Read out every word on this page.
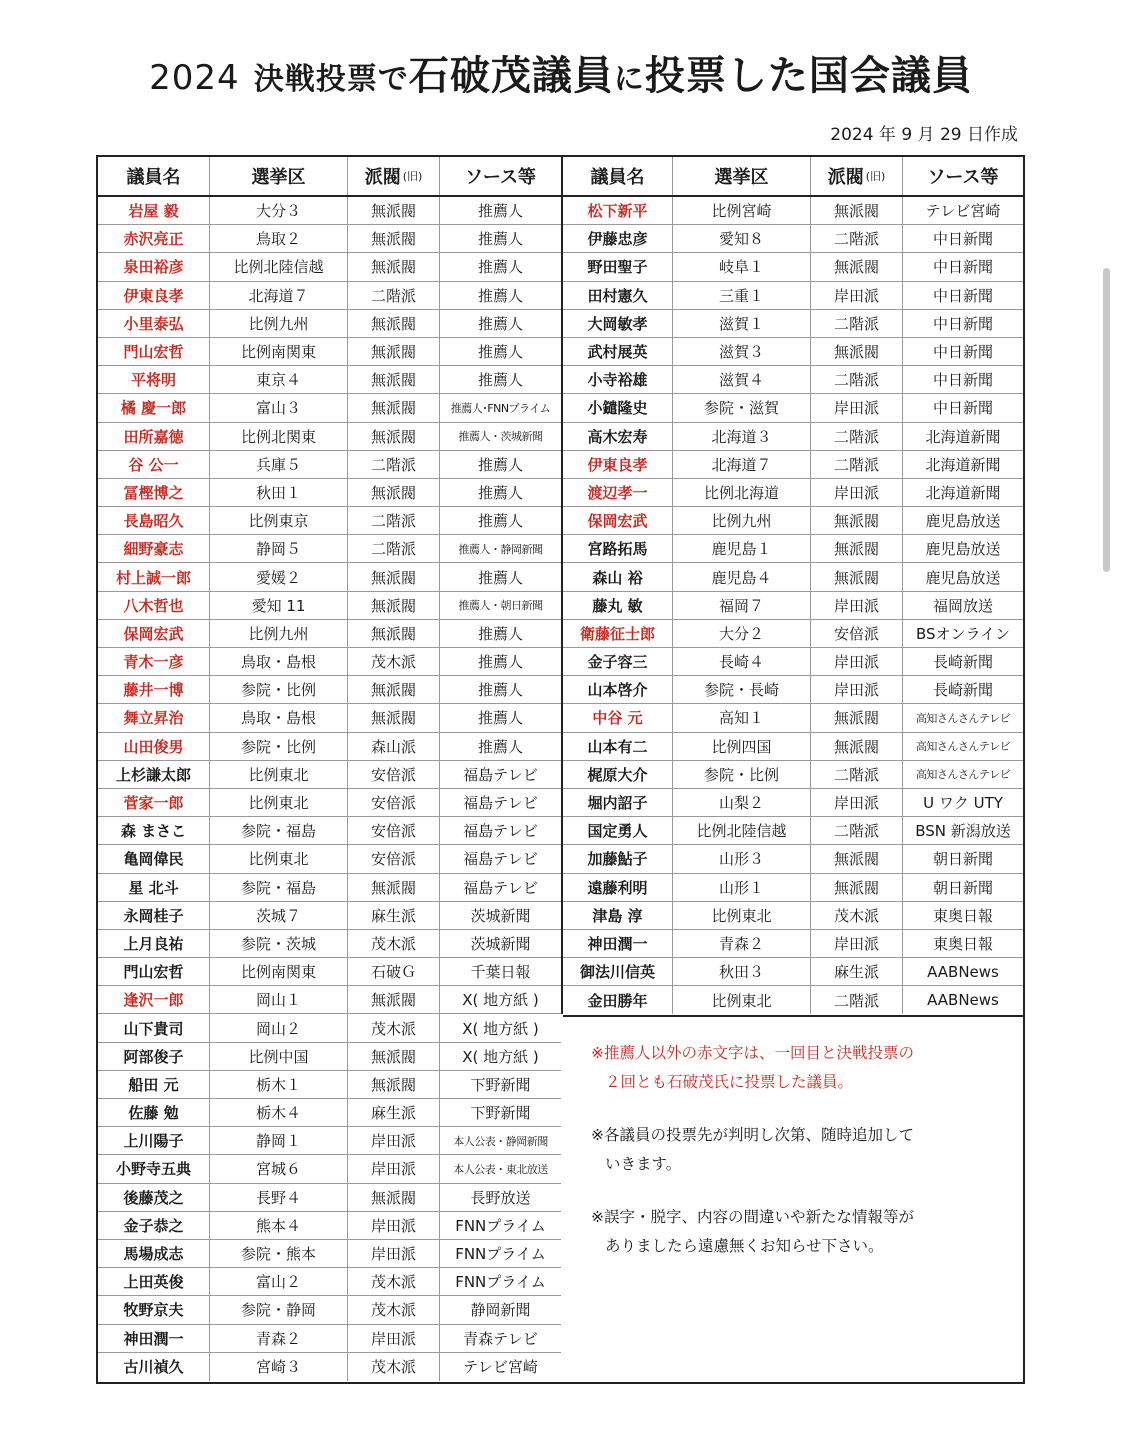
2024 決戦投票で石破茂議員に投票した国会議員
2024 年 9 月 29 日作成
議員名	選挙区	派閥 (旧)	ソース等
岩屋 毅	大分３	無派閥	推薦人
赤沢亮正	鳥取２	無派閥	推薦人
泉田裕彦	比例北陸信越	無派閥	推薦人
伊東良孝	北海道７	二階派	推薦人
小里泰弘	比例九州	無派閥	推薦人
門山宏哲	比例南関東	無派閥	推薦人
平将明	東京４	無派閥	推薦人
橘 慶一郎	富山３	無派閥	推薦人･FNNプライム
田所嘉徳	比例北関東	無派閥	推薦人・茨城新聞
谷 公一	兵庫５	二階派	推薦人
冨樫博之	秋田１	無派閥	推薦人
長島昭久	比例東京	二階派	推薦人
細野豪志	静岡５	二階派	推薦人・静岡新聞
村上誠一郎	愛媛２	無派閥	推薦人
八木哲也	愛知 11	無派閥	推薦人・朝日新聞
保岡宏武	比例九州	無派閥	推薦人
青木一彦	鳥取・島根	茂木派	推薦人
藤井一博	参院・比例	無派閥	推薦人
舞立昇治	鳥取・島根	無派閥	推薦人
山田俊男	参院・比例	森山派	推薦人
上杉謙太郎	比例東北	安倍派	福島テレビ
菅家一郎	比例東北	安倍派	福島テレビ
森 まさこ	参院・福島	安倍派	福島テレビ
亀岡偉民	比例東北	安倍派	福島テレビ
星 北斗	参院・福島	無派閥	福島テレビ
永岡桂子	茨城７	麻生派	茨城新聞
上月良祐	参院・茨城	茂木派	茨城新聞
門山宏哲	比例南関東	石破Ｇ	千葉日報
逢沢一郎	岡山１	無派閥	X( 地方紙 )
山下貴司	岡山２	茂木派	X( 地方紙 )
阿部俊子	比例中国	無派閥	X( 地方紙 )
船田 元	栃木１	無派閥	下野新聞
佐藤 勉	栃木４	麻生派	下野新聞
上川陽子	静岡１	岸田派	本人公表・静岡新聞
小野寺五典	宮城６	岸田派	本人公表・東北放送
後藤茂之	長野４	無派閥	長野放送
金子恭之	熊本４	岸田派	FNNプライム
馬場成志	参院・熊本	岸田派	FNNプライム
上田英俊	富山２	茂木派	FNNプライム
牧野京夫	参院・静岡	茂木派	静岡新聞
神田潤一	青森２	岸田派	青森テレビ
古川禎久	宮崎３	茂木派	テレビ宮崎
議員名	選挙区	派閥 (旧)	ソース等
松下新平	比例宮崎	無派閥	テレビ宮崎
伊藤忠彦	愛知８	二階派	中日新聞
野田聖子	岐阜１	無派閥	中日新聞
田村憲久	三重１	岸田派	中日新聞
大岡敏孝	滋賀１	二階派	中日新聞
武村展英	滋賀３	無派閥	中日新聞
小寺裕雄	滋賀４	二階派	中日新聞
小鑓隆史	参院・滋賀	岸田派	中日新聞
高木宏寿	北海道３	二階派	北海道新聞
伊東良孝	北海道７	二階派	北海道新聞
渡辺孝一	比例北海道	岸田派	北海道新聞
保岡宏武	比例九州	無派閥	鹿児島放送
宮路拓馬	鹿児島１	無派閥	鹿児島放送
森山 裕	鹿児島４	無派閥	鹿児島放送
藤丸 敏	福岡７	岸田派	福岡放送
衛藤征士郎	大分２	安倍派	BSオンライン
金子容三	長崎４	岸田派	長崎新聞
山本啓介	参院・長崎	岸田派	長崎新聞
中谷 元	高知１	無派閥	高知さんさんテレビ
山本有二	比例四国	無派閥	高知さんさんテレビ
梶原大介	参院・比例	二階派	高知さんさんテレビ
堀内詔子	山梨２	岸田派	U ワク UTY
国定勇人	比例北陸信越	二階派	BSN 新潟放送
加藤鮎子	山形３	無派閥	朝日新聞
遠藤利明	山形１	無派閥	朝日新聞
津島 淳	比例東北	茂木派	東奥日報
神田潤一	青森２	岸田派	東奥日報
御法川信英	秋田３	麻生派	AABNews
金田勝年	比例東北	二階派	AABNews
※推薦人以外の赤文字は、一回目と決戦投票の
２回とも石破茂氏に投票した議員。
※各議員の投票先が判明し次第、随時追加して
いきます。
※誤字・脱字、内容の間違いや新たな情報等が
ありましたら遠慮無くお知らせ下さい。
